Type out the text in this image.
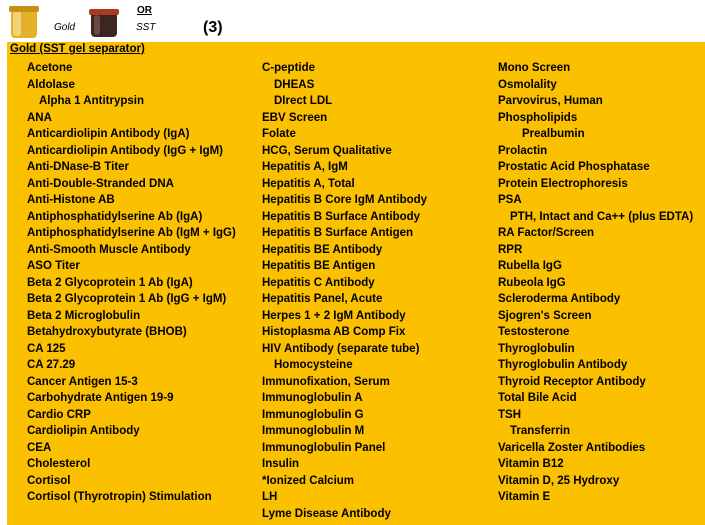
Gold
OR
SST	(3)
Gold (SST gel separator)
Acetone
Aldolase
Alpha 1 Antitrypsin
ANA
Anticardiolipin Antibody (IgA)
Anticardiolipin Antibody (IgG + IgM)
Anti-DNase-B Titer
Anti-Double-Stranded DNA
Anti-Histone AB
Antiphosphatidylserine Ab (IgA)
Antiphosphatidylserine Ab (IgM + IgG)
Anti-Smooth Muscle Antibody
ASO Titer
Beta 2 Glycoprotein 1 Ab (IgA)
Beta 2 Glycoprotein 1 Ab (IgG + IgM)
Beta 2 Microglobulin
Betahydroxybutyrate (BHOB)
CA 125
CA 27.29
Cancer Antigen 15-3
Carbohydrate Antigen 19-9
Cardio CRP
Cardiolipin Antibody
CEA
Cholesterol
Cortisol
Cortisol (Thyrotropin) Stimulation
C-peptide
DHEAS
DIrect LDL
EBV Screen
Folate
HCG, Serum Qualitative
Hepatitis A, IgM
Hepatitis A, Total
Hepatitis B Core IgM Antibody
Hepatitis B Surface Antibody
Hepatitis B Surface Antigen
Hepatitis BE Antibody
Hepatitis BE Antigen
Hepatitis C Antibody
Hepatitis Panel, Acute
Herpes 1 + 2 IgM Antibody
Histoplasma AB Comp Fix
HIV Antibody (separate tube)
Homocysteine
Immunofixation, Serum
Immunoglobulin A
Immunoglobulin G
Immunoglobulin M
Immunoglobulin Panel
Insulin
*Ionized Calcium
LH
Lyme Disease Antibody
Mono Screen
Osmolality
Parvovirus, Human
Phospholipids
Prealbumin
Prolactin
Prostatic Acid Phosphatase
Protein Electrophoresis
PSA
PTH, Intact and Ca++ (plus EDTA)
RA Factor/Screen
RPR
Rubella IgG
Rubeola IgG
Scleroderma Antibody
Sjogren's Screen
Testosterone
Thyroglobulin
Thyroglobulin Antibody
Thyroid Receptor Antibody
Total Bile Acid
TSH
Transferrin
Varicella Zoster Antibodies
Vitamin B12
Vitamin D, 25 Hydroxy
Vitamin E
